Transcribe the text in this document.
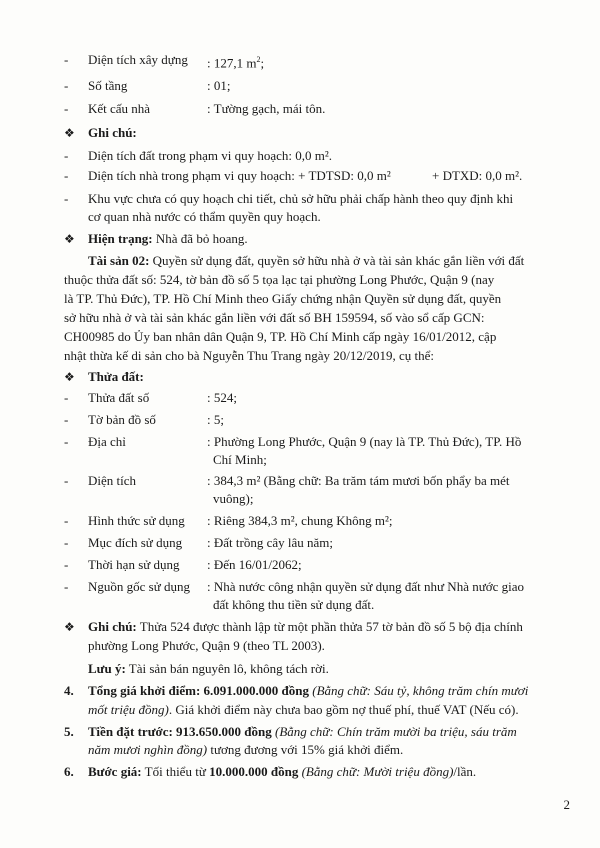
- Diện tích xây dựng : 127,1 $m^2$;
- Số tầng	: 01;
- Kết cấu nhà	: Tường gạch, mái tôn.
❖ Ghi chú:
- Diện tích đất trong phạm vi quy hoạch: 0,0 m².
- Diện tích nhà trong phạm vi quy hoạch: + TDTSD: 0,0 m²	+ DTXD: 0,0 m².
- Khu vực chưa có quy hoạch chi tiết, chủ sở hữu phải chấp hành theo quy định khi
cơ quan nhà nước có thẩm quyền quy hoạch.
❖ Hiện trạng: Nhà đã bỏ hoang.
Tài sản 02: Quyền sử dụng đất, quyền sở hữu nhà ở và tài sản khác gắn liền với đất
thuộc thửa đất số: 524, tờ bản đồ số 5 tọa lạc tại phường Long Phước, Quận 9 (nay
là TP. Thủ Đức), TP. Hồ Chí Minh theo Giấy chứng nhận Quyền sử dụng đất, quyền
sở hữu nhà ở và tài sản khác gắn liền với đất số BH 159594, số vào sổ cấp GCN:
CH00985 do Ủy ban nhân dân Quận 9, TP. Hồ Chí Minh cấp ngày 16/01/2012, cập
nhật thừa kế di sản cho bà Nguyễn Thu Trang ngày 20/12/2019, cụ thể:
❖ Thửa đất:
- Thửa đất số	: 524;
- Tờ bản đồ số	: 5;
- Địa chỉ	: Phường Long Phước, Quận 9 (nay là TP. Thủ Đức), TP. Hồ
Chí Minh;
- Diện tích	: 384,3 m² (Bằng chữ: Ba trăm tám mươi bốn phẩy ba mét
vuông);
- Hình thức sử dụng : Riêng 384,3 m², chung Không m²;
- Mục đích sử dụng : Đất trồng cây lâu năm;
- Thời hạn sử dụng : Đến 16/01/2062;
- Nguồn gốc sử dụng : Nhà nước công nhận quyền sử dụng đất như Nhà nước giao
đất không thu tiền sử dụng đất.
❖ Ghi chú: Thửa 524 được thành lập từ một phần thửa 57 tờ bản đồ số 5 bộ địa chính
phường Long Phước, Quận 9 (theo TL 2003).
Lưu ý: Tài sản bán nguyên lô, không tách rời.
4. Tổng giá khởi điểm: 6.091.000.000 đồng (Bằng chữ: Sáu tỷ, không trăm chín mươi
mốt triệu đồng). Giá khởi điểm này chưa bao gồm nợ thuế phí, thuế VAT (Nếu có).
5. Tiền đặt trước: 913.650.000 đồng (Bằng chữ: Chín trăm mười ba triệu, sáu trăm
năm mươi nghìn đồng) tương đương với 15% giá khởi điểm.
6. Bước giá: Tối thiểu từ 10.000.000 đồng (Bằng chữ: Mười triệu đồng)/lần.
2
